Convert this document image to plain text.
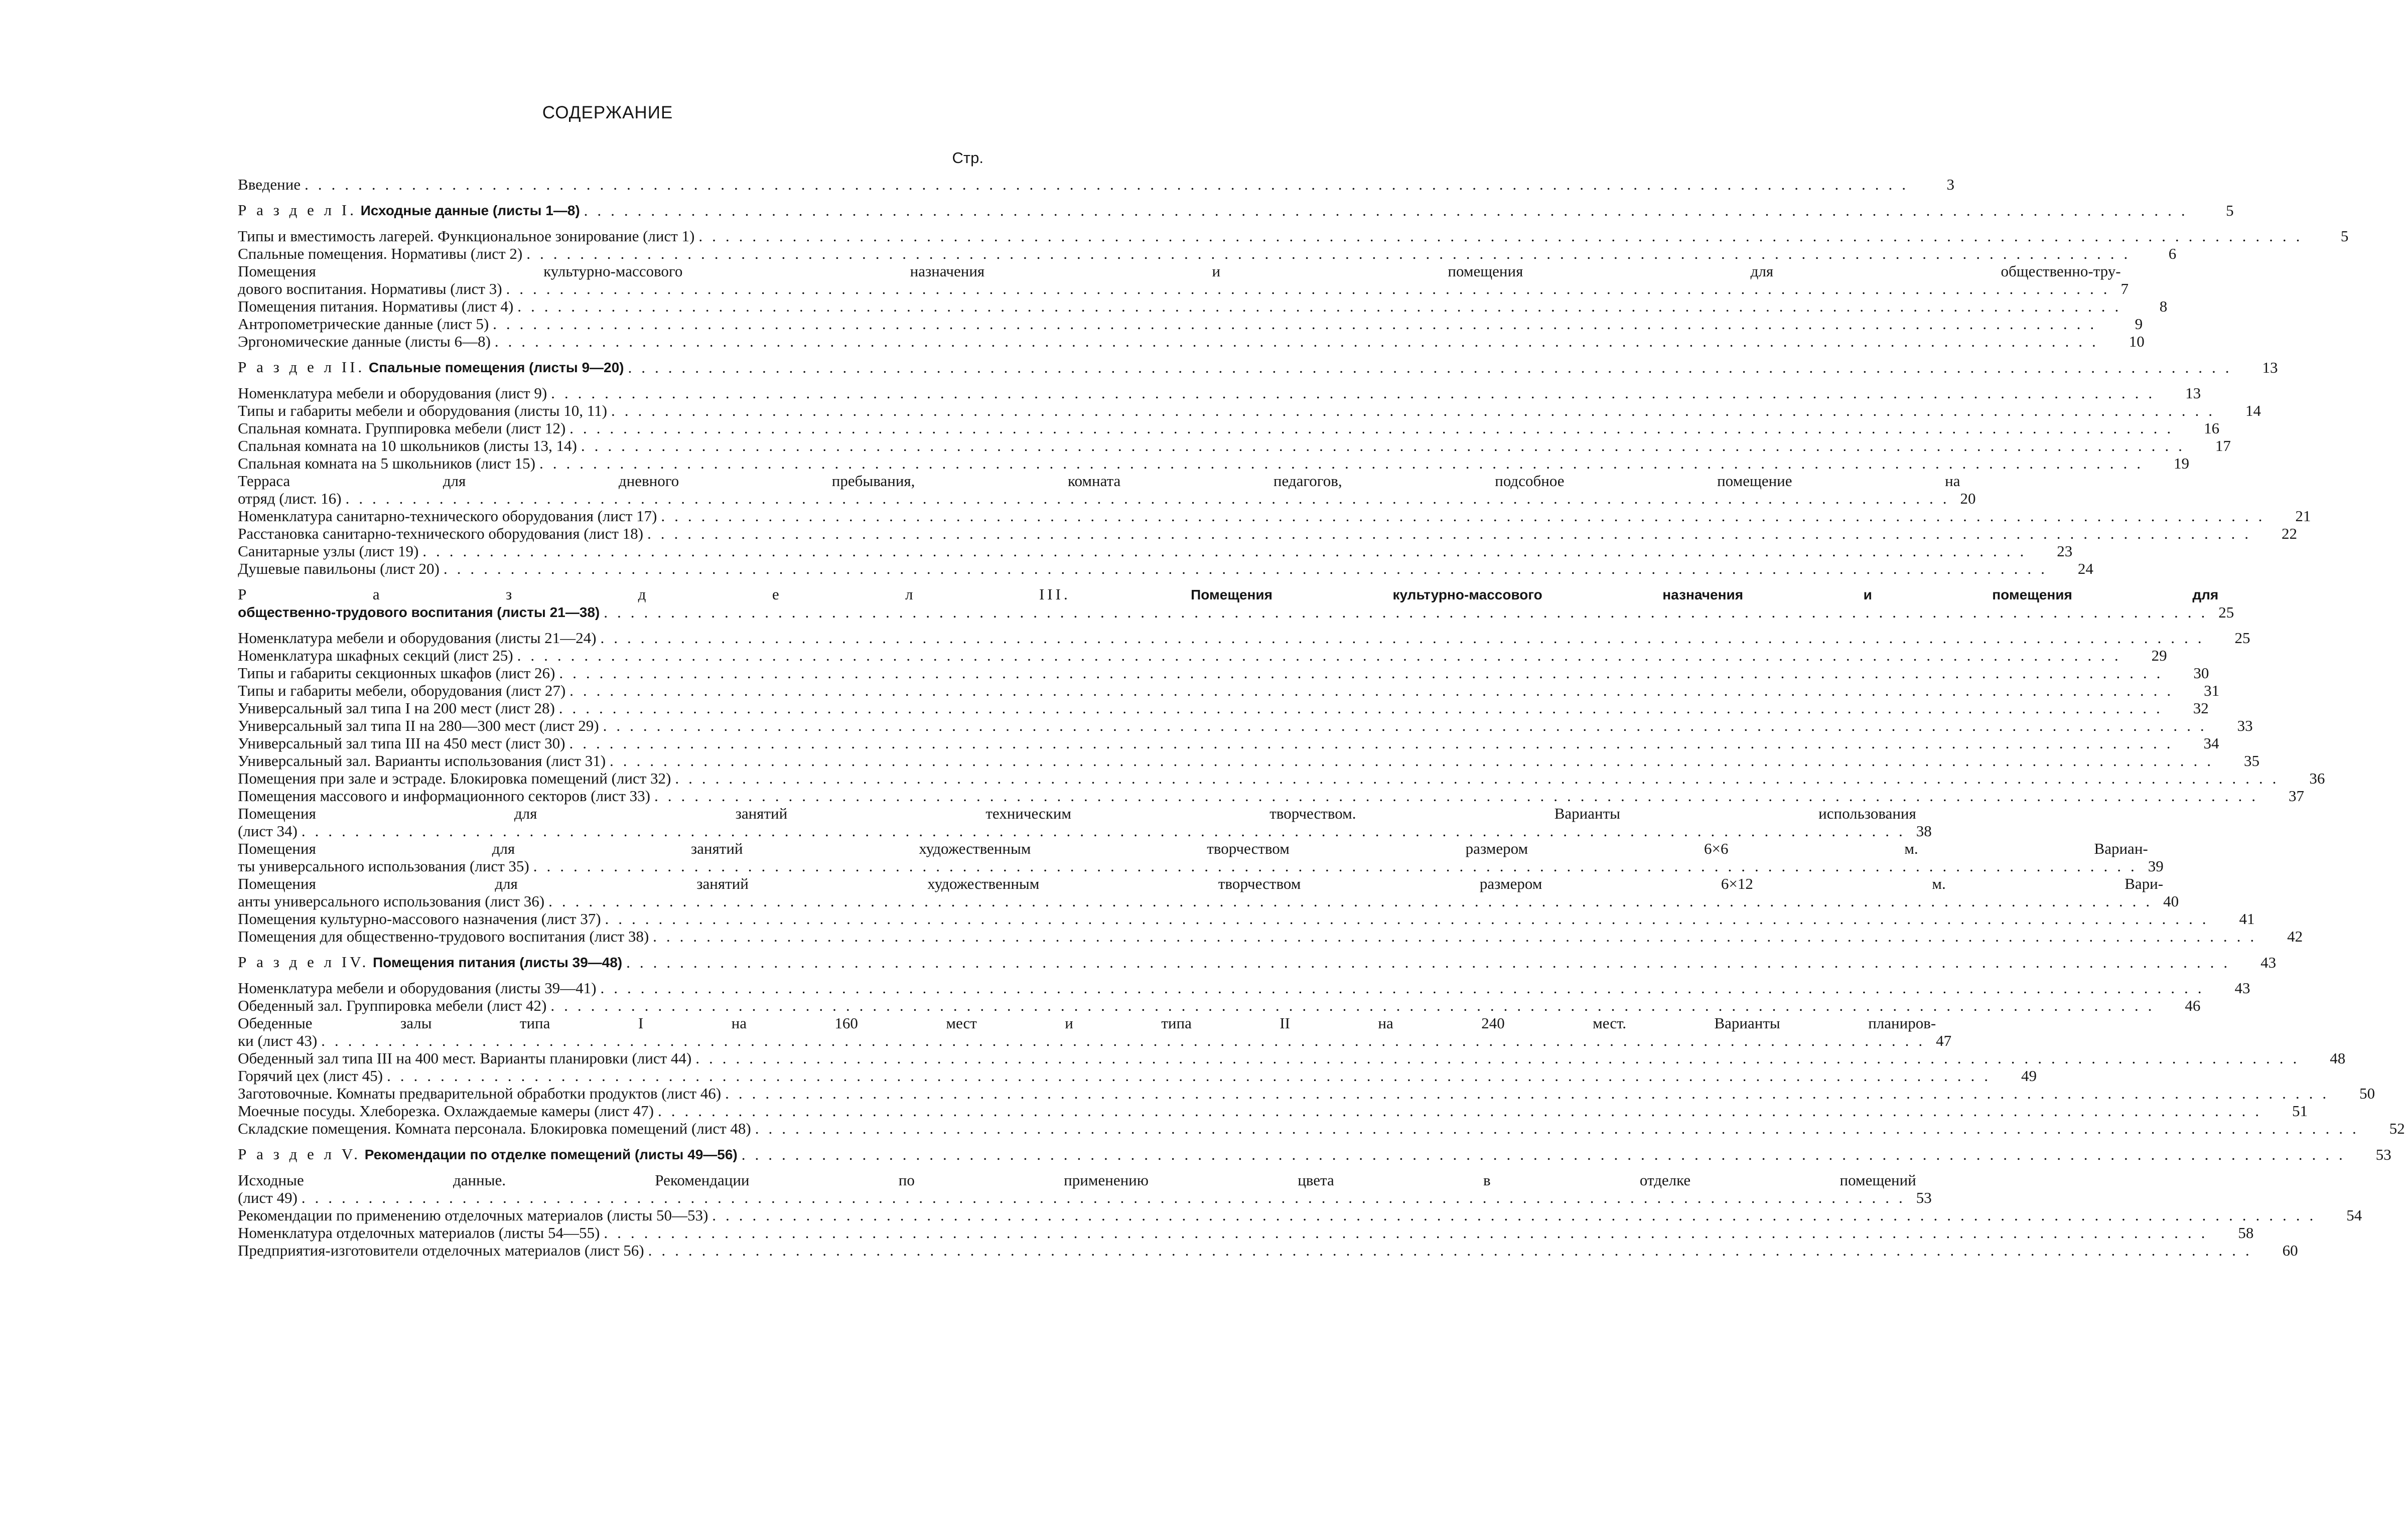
СОДЕРЖАНИЕ
Стр.
Введение ........................................................................................................................	3
Р а з д е л I. Исходные данные (листы 1—8) ........................................................................................................................	5
Типы и вместимость лагерей. Функциональное зонирование (лист 1) ........................................................................................................................	5
Спальные помещения. Нормативы (лист 2) ........................................................................................................................	6
Помещения культурно-массового назначения и помещения для общественно-тру-
дового воспитания. Нормативы (лист 3) ........................................................................................................................ 7
Помещения питания. Нормативы (лист 4) ........................................................................................................................	8
Антропометрические данные (лист 5) ........................................................................................................................	9
Эргономические данные (листы 6—8) ........................................................................................................................	10
Р а з д е л II. Спальные помещения (листы 9—20) ........................................................................................................................	13
Номенклатура мебели и оборудования (лист 9) ........................................................................................................................	13
Типы и габариты мебели и оборудования (листы 10, 11) ........................................................................................................................	14
Спальная комната. Группировка мебели (лист 12) ........................................................................................................................	16
Спальная комната на 10 школьников (листы 13, 14) ........................................................................................................................	17
Спальная комната на 5 школьников (лист 15) ........................................................................................................................	19
Терраса для дневного пребывания, комната педагогов, подсобное помещение на
отряд (лист. 16) ........................................................................................................................ 20
Номенклатура санитарно-технического оборудования (лист 17) ........................................................................................................................	21
Расстановка санитарно-технического оборудования (лист 18) ........................................................................................................................	22
Санитарные узлы (лист 19) ........................................................................................................................	23
Душевые павильоны (лист 20) ........................................................................................................................	24
Р а з д е л III.	Помещения культурно-массового назначения и помещения для
общественно-трудового воспитания (листы 21—38) ........................................................................................................................ 25
Номенклатура мебели и оборудования (листы 21—24) ........................................................................................................................	25
Номенклатура шкафных секций (лист 25) ........................................................................................................................	29
Типы и габариты секционных шкафов (лист 26) ........................................................................................................................	30
Типы и габариты мебели, оборудования (лист 27) ........................................................................................................................	31
Универсальный зал типа I на 200 мест (лист 28) ........................................................................................................................	32
Универсальный зал типа II на 280—300 мест (лист 29) ........................................................................................................................	33
Универсальный зал типа III на 450 мест (лист 30) ........................................................................................................................	34
Универсальный зал. Варианты использования (лист 31) ........................................................................................................................	35
Помещения при зале и эстраде. Блокировка помещений (лист 32) ........................................................................................................................	36
Помещения массового и информационного секторов (лист 33) ........................................................................................................................	37
Помещения для занятий техническим творчеством. Варианты использования
(лист 34) ........................................................................................................................ 38
Помещения для занятий художественным творчеством размером 6×6 м. Вариан-
ты универсального использования (лист 35) ........................................................................................................................ 39
Помещения для занятий художественным творчеством размером 6×12 м. Вари-
анты универсального использования (лист 36) ........................................................................................................................ 40
Помещения культурно-массового назначения (лист 37) ........................................................................................................................	41
Помещения для общественно-трудового воспитания (лист 38) ........................................................................................................................	42
Р а з д е л IV. Помещения питания (листы 39—48) ........................................................................................................................	43
Номенклатура мебели и оборудования (листы 39—41) ........................................................................................................................	43
Обеденный зал. Группировка мебели (лист 42) ........................................................................................................................	46
Обеденные залы типа I на 160 мест и типа II на 240 мест. Варианты планиров-
ки (лист 43) ........................................................................................................................ 47
Обеденный зал типа III на 400 мест. Варианты планировки (лист 44) ........................................................................................................................	48
Горячий цех (лист 45) ........................................................................................................................	49
Заготовочные. Комнаты предварительной обработки продуктов (лист 46) ........................................................................................................................	50
Моечные посуды. Хлеборезка. Охлаждаемые камеры (лист 47) ........................................................................................................................	51
Складские помещения. Комната персонала. Блокировка помещений (лист 48) ........................................................................................................................	52
Р а з д е л V. Рекомендации по отделке помещений (листы 49—56) ........................................................................................................................	53
Исходные данные. Рекомендации по применению цвета в отделке помещений
(лист 49) ........................................................................................................................ 53
Рекомендации по применению отделочных материалов (листы 50—53) ........................................................................................................................	54
Номенклатура отделочных материалов (листы 54—55) ........................................................................................................................	58
Предприятия-изготовители отделочных материалов (лист 56) ........................................................................................................................	60
